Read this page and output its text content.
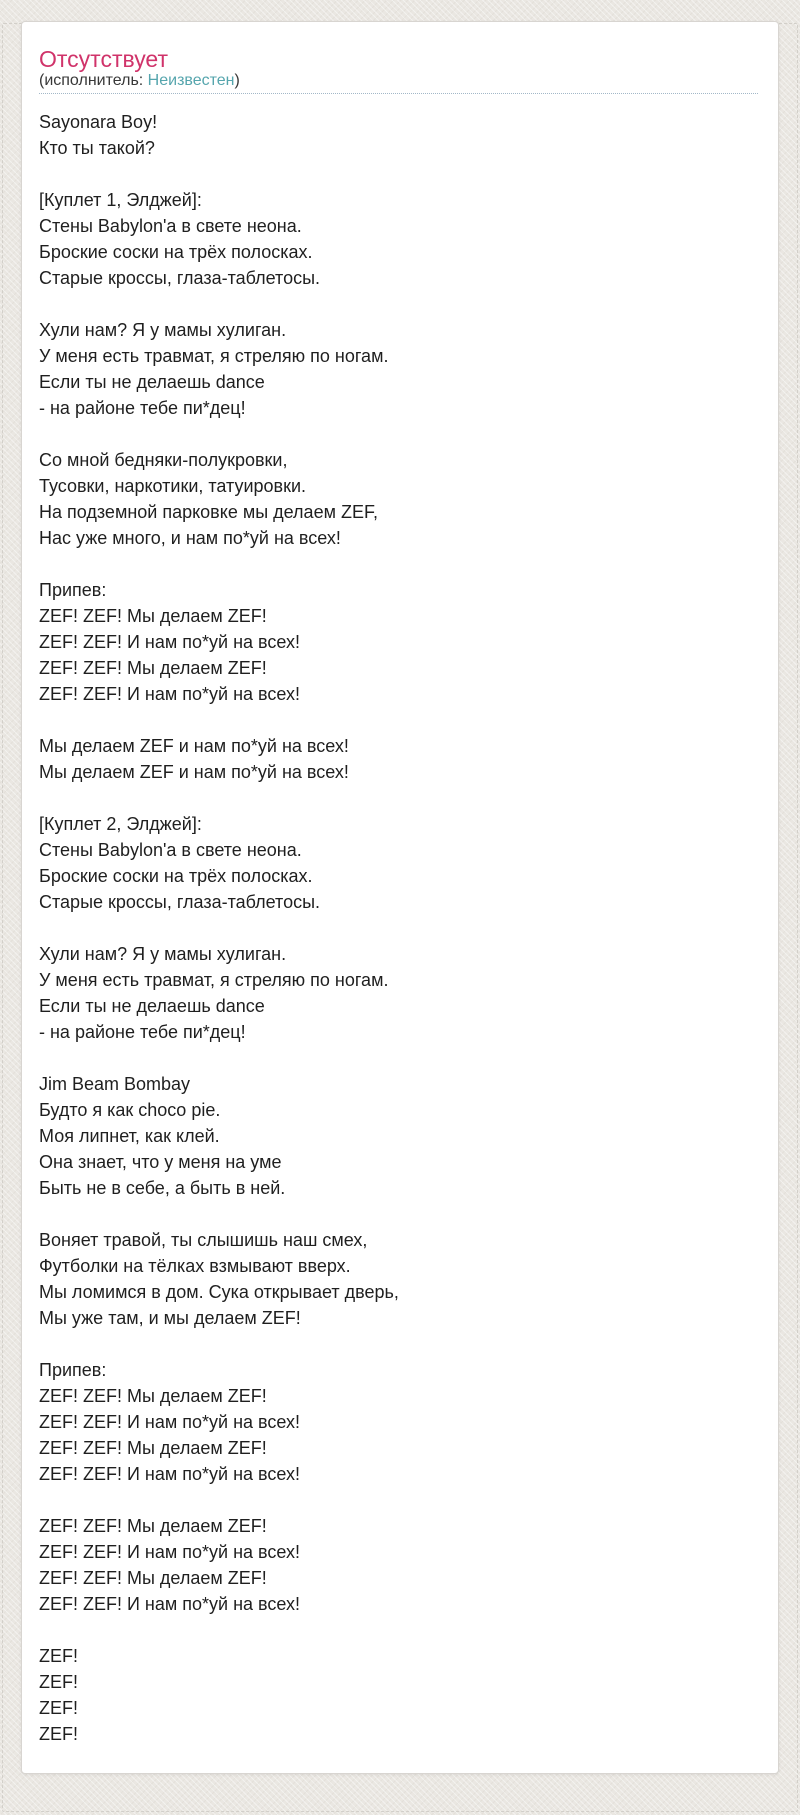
Отсутствует
(исполнитель: Неизвестен)
Sayonara Boy!
Кто ты такой?

[Куплет 1, Элджей]:
Стены Babylon'а в свете неона.
Броские соски на трёх полосках.
Старые кроссы, глаза-таблетосы.

Хули нам? Я у мамы хулиган.
У меня есть травмат, я стреляю по ногам.
Если ты не делаешь dance
- на районе тебе пи*дец!

Со мной бедняки-полукровки,
Тусовки, наркотики, татуировки.
На подземной парковке мы делаем ZEF,
Нас уже много, и нам по*уй на всех!

Припев:
ZEF! ZEF! Мы делаем ZEF!
ZEF! ZEF! И нам по*уй на всех!
ZEF! ZEF! Мы делаем ZEF!
ZEF! ZEF! И нам по*уй на всех!

Мы делаем ZEF и нам по*уй на всех!
Мы делаем ZEF и нам по*уй на всех!

[Куплет 2, Элджей]:
Стены Babylon'а в свете неона.
Броские соски на трёх полосках.
Старые кроссы, глаза-таблетосы.

Хули нам? Я у мамы хулиган.
У меня есть травмат, я стреляю по ногам.
Если ты не делаешь dance
- на районе тебе пи*дец!

Jim Beam Bombay
Будто я как choco pie.
Моя липнет, как клей.
Она знает, что у меня на уме
Быть не в себе, а быть в ней.

Воняет травой, ты слышишь наш смех,
Футболки на тёлках взмывают вверх.
Мы ломимся в дом. Сука открывает дверь,
Мы уже там, и мы делаем ZEF!

Припев:
ZEF! ZEF! Мы делаем ZEF!
ZEF! ZEF! И нам по*уй на всех!
ZEF! ZEF! Мы делаем ZEF!
ZEF! ZEF! И нам по*уй на всех!

ZEF! ZEF! Мы делаем ZEF!
ZEF! ZEF! И нам по*уй на всех!
ZEF! ZEF! Мы делаем ZEF!
ZEF! ZEF! И нам по*уй на всех!

ZEF!
ZEF!
ZEF!
ZEF!
